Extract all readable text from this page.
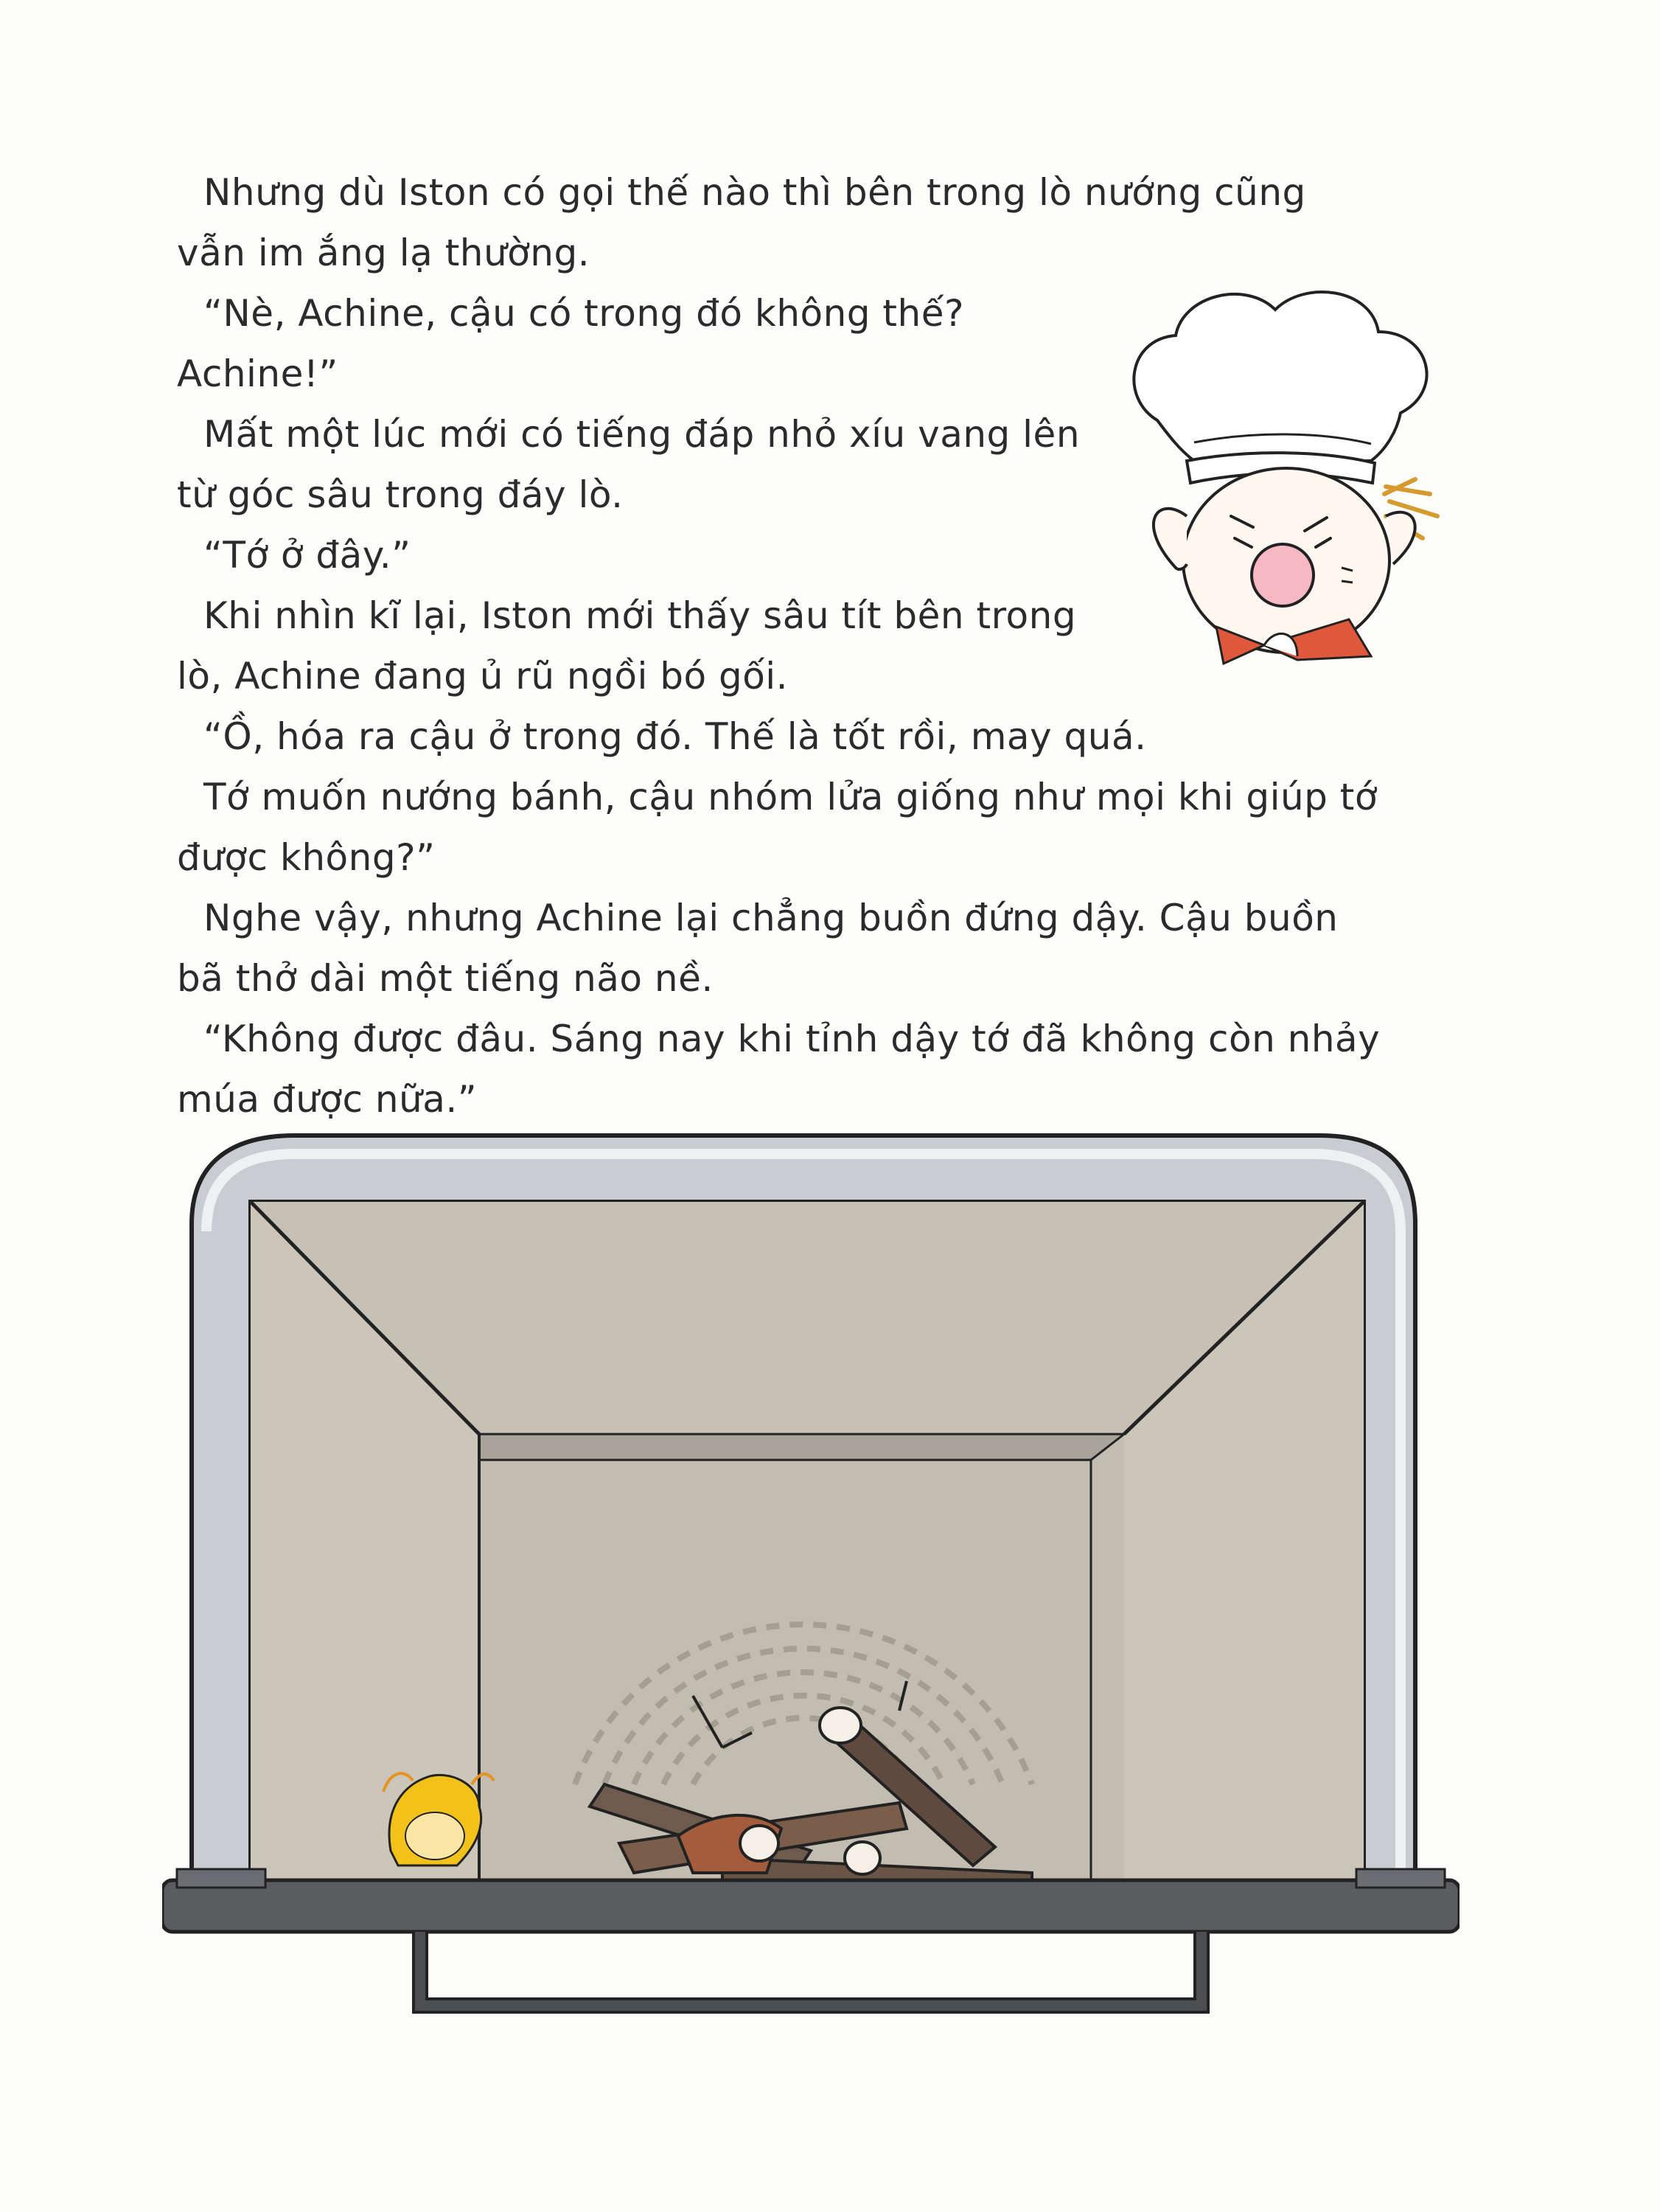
Nhưng dù Iston có gọi thế nào thì bên trong lò nướng cũng vẫn im ắng lạ thường.

“Nè, Achine, cậu có trong đó không thế? Achine!”

Mất một lúc mới có tiếng đáp nhỏ xíu vang lên từ góc sâu trong đáy lò.

“Tớ ở đây.”

Khi nhìn kĩ lại, Iston mới thấy sâu tít bên trong lò, Achine đang ủ rũ ngồi bó gối.

“Ồ, hóa ra cậu ở trong đó. Thế là tốt rồi, may quá.

Tớ muốn nướng bánh, cậu nhóm lửa giống như mọi khi giúp tớ được không?”

Nghe vậy, nhưng Achine lại chẳng buồn đứng dậy. Cậu buồn bã thở dài một tiếng não nề.

“Không được đâu. Sáng nay khi tỉnh dậy tớ đã không còn nhảy múa được nữa.”
